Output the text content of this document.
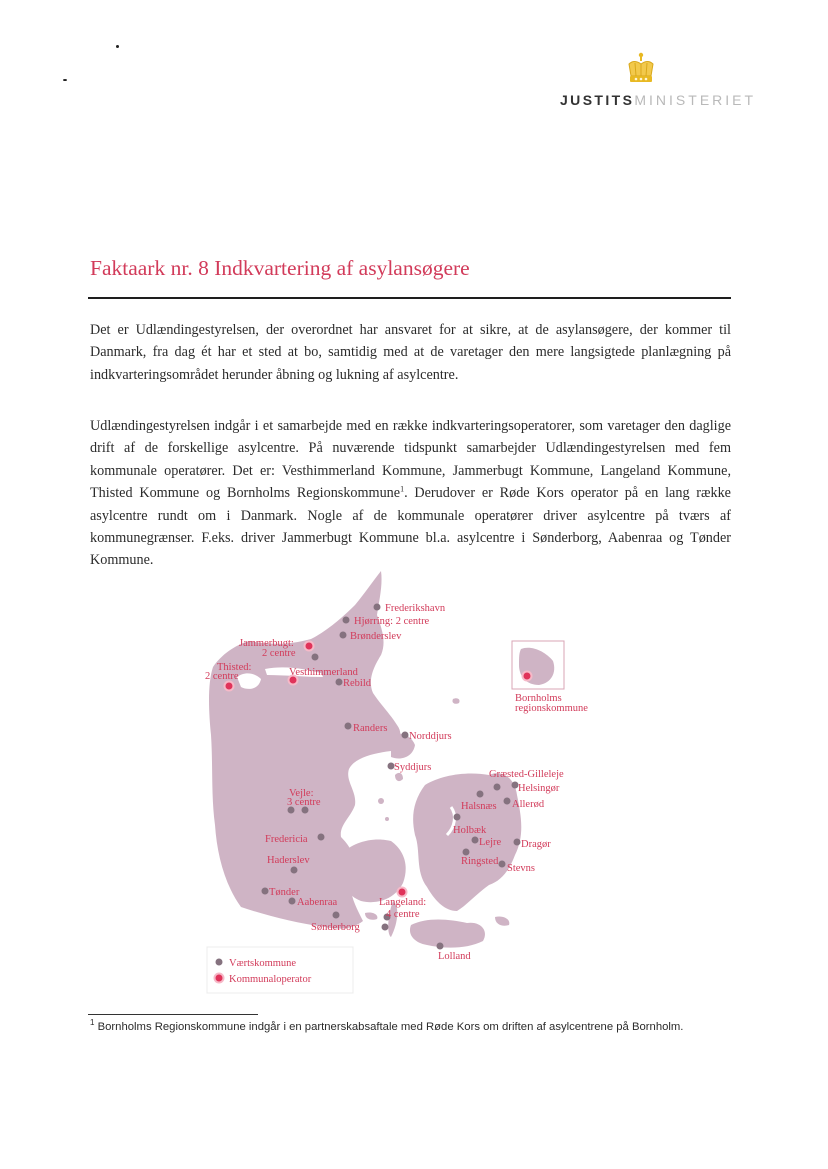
JUSTITSMINISTERIET
Faktaark nr. 8 Indkvartering af asylansøgere

Det er Udlændingestyrelsen, der overordnet har ansvaret for at sikre, at de asylansøgere, der kommer til Danmark, fra dag ét har et sted at bo, samtidig med at de varetager den mere langsigtede planlægning på indkvarteringsområdet herunder åbning og lukning af asylcentre.

Udlændingestyrelsen indgår i et samarbejde med en række indkvarteringsoperatorer, som varetager den daglige drift af de forskellige asylcentre. På nuværende tidspunkt samarbejder Udlændingestyrelsen med fem kommunale operatører. Det er: Vesthimmerland Kommune, Jammerbugt Kommune, Langeland Kommune, Thisted Kommune og Bornholms Regionskommune$^1$. Derudover er Røde Kors operator på en lang række asylcentre rundt om i Danmark. Nogle af de kommunale operatører driver asylcentre på tværs af kommunegrænser. F.eks. driver Jammerbugt Kommune bl.a. asylcentre i Sønderborg, Aabenraa og Tønder Kommune.

Frederikshavn
Hjørring: 2 centre
Brønderslev
Jammerbugt:
2 centre
Thisted:
2 centre	Vesthimmerland
Rebild
Bornholms
regionskommune
Randers
Norddjurs
Syddjurs
Græsted-Gilleleje
Helsingør
Halsnæs Allerød
Vejle:
3 centre
Holbæk
Lejre Dragør
Fredericia
Haderslev	Ringsted
Stevns
Tønder
Aabenraa	Langeland:
4 centre
Sønderborg
Lolland
Værtskommune
Kommunaloperator
$^1$ Bornholms Regionskommune indgår i en partnerskabsaftale med Røde Kors om driften af asylcentrene på Bornholm.
